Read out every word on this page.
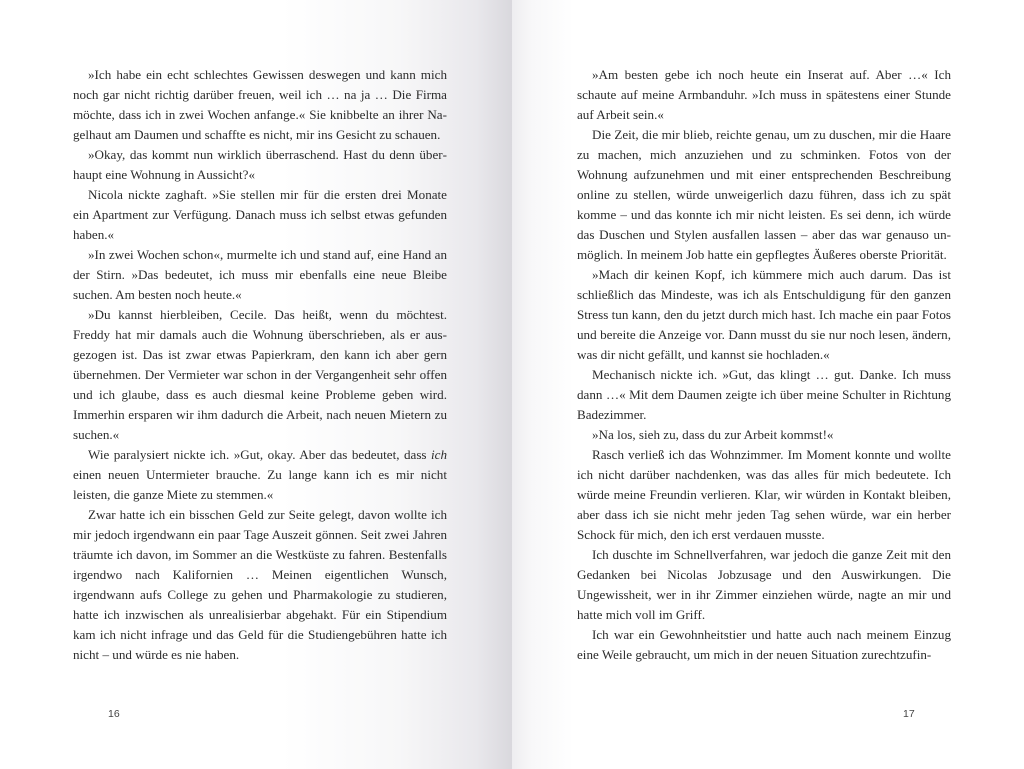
»Ich habe ein echt schlechtes Gewissen deswegen und kann mich noch gar nicht richtig darüber freuen, weil ich … na ja … Die Firma möchte, dass ich in zwei Wochen anfange.« Sie knibbelte an ihrer Nagelhaut am Daumen und schaffte es nicht, mir ins Gesicht zu schauen.

»Okay, das kommt nun wirklich überraschend. Hast du denn überhaupt eine Wohnung in Aussicht?«

Nicola nickte zaghaft. »Sie stellen mir für die ersten drei Monate ein Apartment zur Verfügung. Danach muss ich selbst etwas gefunden haben.«

»In zwei Wochen schon«, murmelte ich und stand auf, eine Hand an der Stirn. »Das bedeutet, ich muss mir ebenfalls eine neue Bleibe suchen. Am besten noch heute.«

»Du kannst hierbleiben, Cecile. Das heißt, wenn du möchtest. Freddy hat mir damals auch die Wohnung überschrieben, als er ausgezogen ist. Das ist zwar etwas Papierkram, den kann ich aber gern übernehmen. Der Vermieter war schon in der Vergangenheit sehr offen und ich glaube, dass es auch diesmal keine Probleme geben wird. Immerhin ersparen wir ihm dadurch die Arbeit, nach neuen Mietern zu suchen.«

Wie paralysiert nickte ich. »Gut, okay. Aber das bedeutet, dass ich einen neuen Untermieter brauche. Zu lange kann ich es mir nicht leisten, die ganze Miete zu stemmen.«

Zwar hatte ich ein bisschen Geld zur Seite gelegt, davon wollte ich mir jedoch irgendwann ein paar Tage Auszeit gönnen. Seit zwei Jahren träumte ich davon, im Sommer an die Westküste zu fahren. Bestenfalls irgendwo nach Kalifornien … Meinen eigentlichen Wunsch, irgendwann aufs College zu gehen und Pharmakologie zu studieren, hatte ich inzwischen als unrealisierbar abgehakt. Für ein Stipendium kam ich nicht infrage und das Geld für die Studiengebühren hatte ich nicht – und würde es nie haben.

16

»Am besten gebe ich noch heute ein Inserat auf. Aber …« Ich schaute auf meine Armbanduhr. »Ich muss in spätestens einer Stunde auf Arbeit sein.«

Die Zeit, die mir blieb, reichte genau, um zu duschen, mir die Haare zu machen, mich anzuziehen und zu schminken. Fotos von der Wohnung aufzunehmen und mit einer entsprechenden Beschreibung online zu stellen, würde unweigerlich dazu führen, dass ich zu spät komme – und das konnte ich mir nicht leisten. Es sei denn, ich würde das Duschen und Stylen ausfallen lassen – aber das war genauso unmöglich. In meinem Job hatte ein gepflegtes Äußeres oberste Priorität.

»Mach dir keinen Kopf, ich kümmere mich auch darum. Das ist schließlich das Mindeste, was ich als Entschuldigung für den ganzen Stress tun kann, den du jetzt durch mich hast. Ich mache ein paar Fotos und bereite die Anzeige vor. Dann musst du sie nur noch lesen, ändern, was dir nicht gefällt, und kannst sie hochladen.«

Mechanisch nickte ich. »Gut, das klingt … gut. Danke. Ich muss dann …« Mit dem Daumen zeigte ich über meine Schulter in Richtung Badezimmer.

»Na los, sieh zu, dass du zur Arbeit kommst!«

Rasch verließ ich das Wohnzimmer. Im Moment konnte und wollte ich nicht darüber nachdenken, was das alles für mich bedeutete. Ich würde meine Freundin verlieren. Klar, wir würden in Kontakt bleiben, aber dass ich sie nicht mehr jeden Tag sehen würde, war ein herber Schock für mich, den ich erst verdauen musste.

Ich duschte im Schnellverfahren, war jedoch die ganze Zeit mit den Gedanken bei Nicolas Jobzusage und den Auswirkungen. Die Ungewissheit, wer in ihr Zimmer einziehen würde, nagte an mir und hatte mich voll im Griff.

Ich war ein Gewohnheitstier und hatte auch nach meinem Einzug eine Weile gebraucht, um mich in der neuen Situation zurechtzufin-

17
